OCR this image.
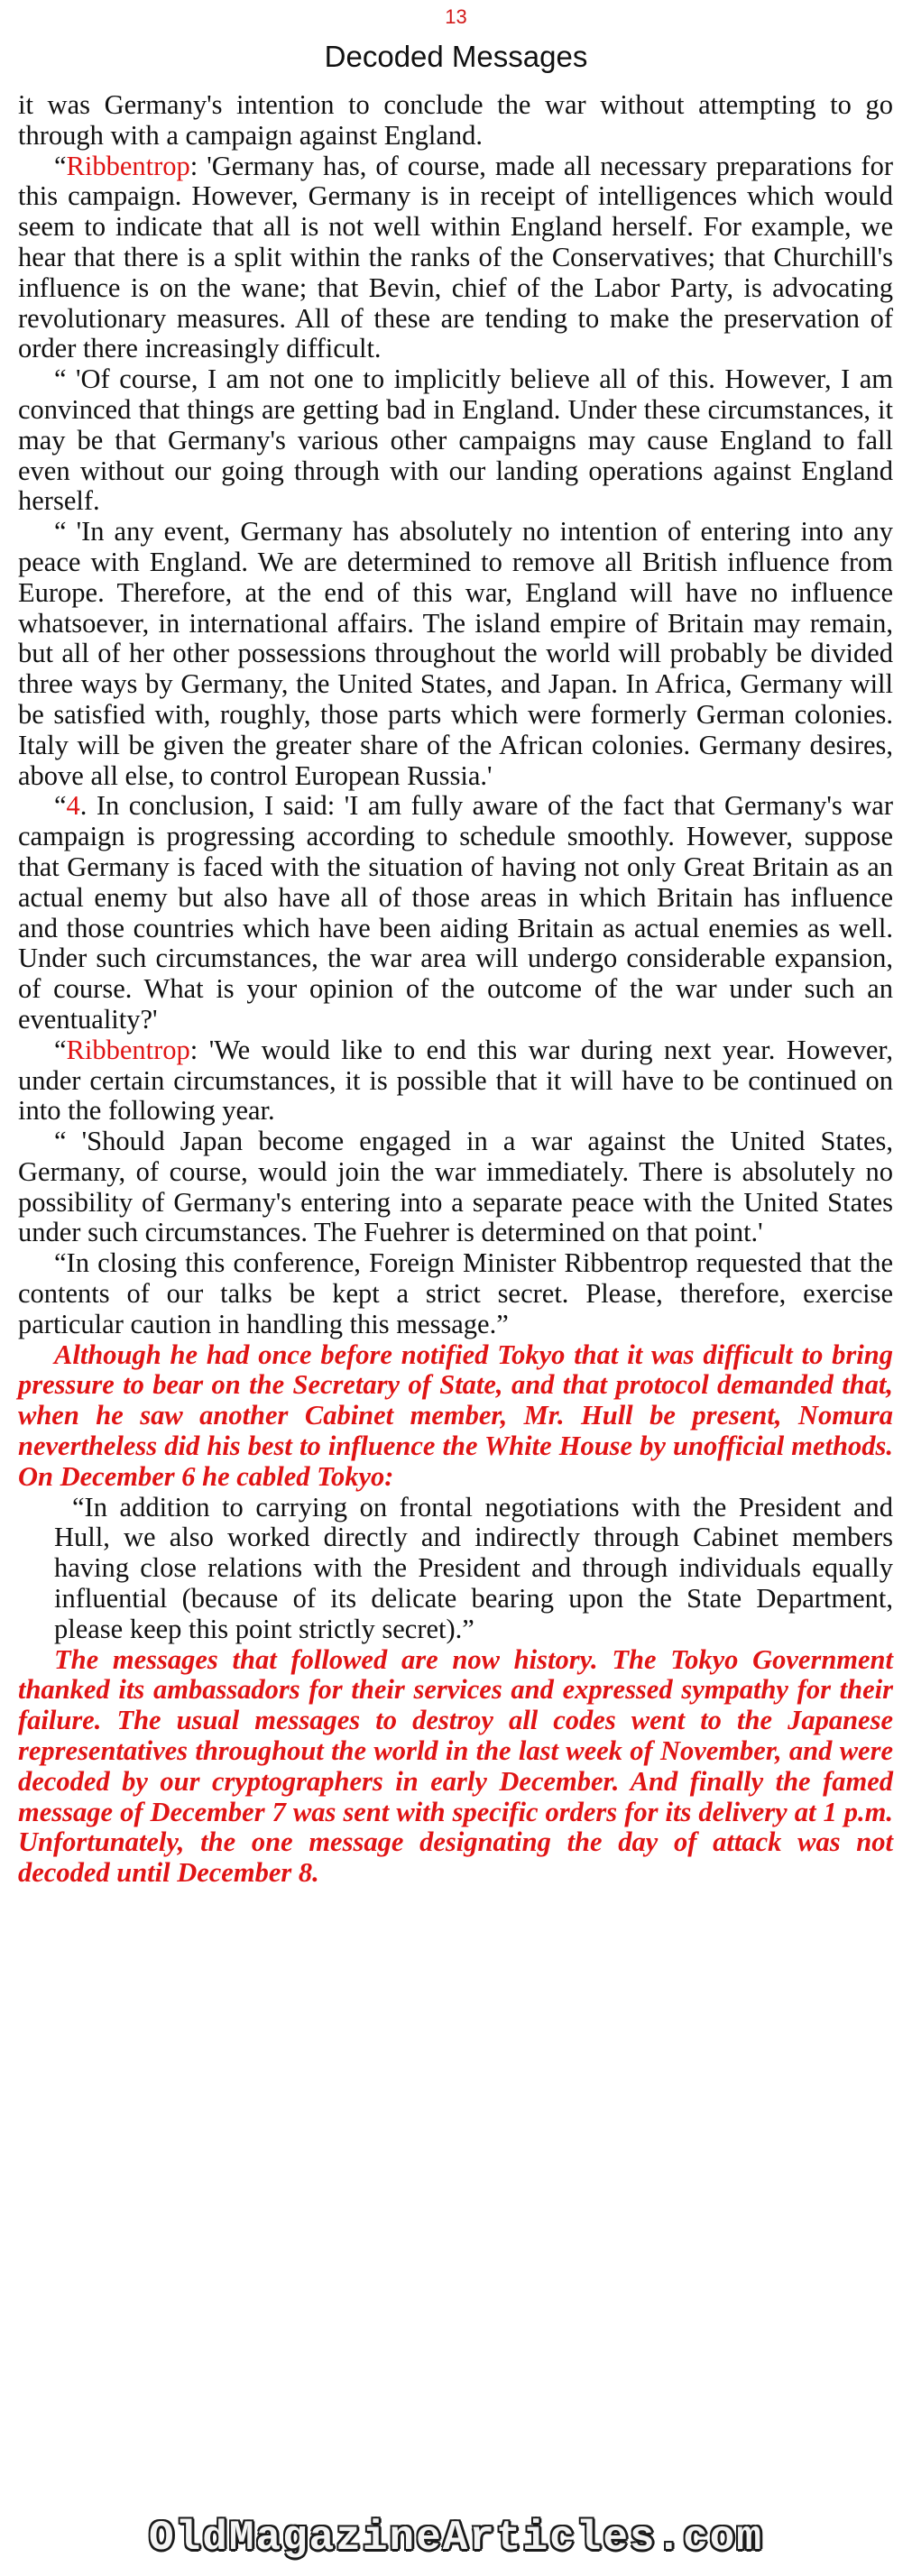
13

Decoded Messages

it was Germany's intention to conclude the war without attempting to go through with a campaign against England.

“Ribbentrop: 'Germany has, of course, made all necessary preparations for this campaign. However, Germany is in receipt of intelligences which would seem to indicate that all is not well within England herself. For example, we hear that there is a split within the ranks of the Conservatives; that Churchill's influence is on the wane; that Bevin, chief of the Labor Party, is advocating revolutionary measures. All of these are tending to make the preservation of order there increasingly difficult.

“ 'Of course, I am not one to implicitly believe all of this. However, I am convinced that things are getting bad in England. Under these circumstances, it may be that Germany's various other campaigns may cause England to fall even without our going through with our landing operations against England herself.

“ 'In any event, Germany has absolutely no intention of entering into any peace with England. We are determined to remove all British influence from Europe. Therefore, at the end of this war, England will have no influence whatsoever, in international affairs. The island empire of Britain may remain, but all of her other possessions throughout the world will probably be divided three ways by Germany, the United States, and Japan. In Africa, Germany will be satisfied with, roughly, those parts which were formerly German colonies. Italy will be given the greater share of the African colonies. Germany desires, above all else, to control European Russia.'

“4. In conclusion, I said: 'I am fully aware of the fact that Germany's war campaign is progressing according to schedule smoothly. However, suppose that Germany is faced with the situation of having not only Great Britain as an actual enemy but also have all of those areas in which Britain has influence and those countries which have been aiding Britain as actual enemies as well. Under such circumstances, the war area will undergo considerable expansion, of course. What is your opinion of the outcome of the war under such an eventuality?'

“Ribbentrop: 'We would like to end this war during next year. However, under certain circumstances, it is possible that it will have to be continued on into the following year.

“ 'Should Japan become engaged in a war against the United States, Germany, of course, would join the war immediately. There is absolutely no possibility of Germany's entering into a separate peace with the United States under such circumstances. The Fuehrer is determined on that point.'

“In closing this conference, Foreign Minister Ribbentrop requested that the contents of our talks be kept a strict secret. Please, therefore, exercise particular caution in handling this message.”

Although he had once before notified Tokyo that it was difficult to bring pressure to bear on the Secretary of State, and that protocol demanded that, when he saw another Cabinet member, Mr. Hull be present, Nomura nevertheless did his best to influence the White House by unofficial methods. On December 6 he cabled Tokyo:

“In addition to carrying on frontal negotiations with the President and Hull, we also worked directly and indirectly through Cabinet members having close relations with the President and through individuals equally influential (because of its delicate bearing upon the State Department, please keep this point strictly secret).”

The messages that followed are now history. The Tokyo Government thanked its ambassadors for their services and expressed sympathy for their failure. The usual messages to destroy all codes went to the Japanese representatives throughout the world in the last week of November, and were decoded by our cryptographers in early December. And finally the famed message of December 7 was sent with specific orders for its delivery at 1 p.m. Unfortunately, the one message designating the day of attack was not decoded until December 8.

OldMagazineArticles.com
